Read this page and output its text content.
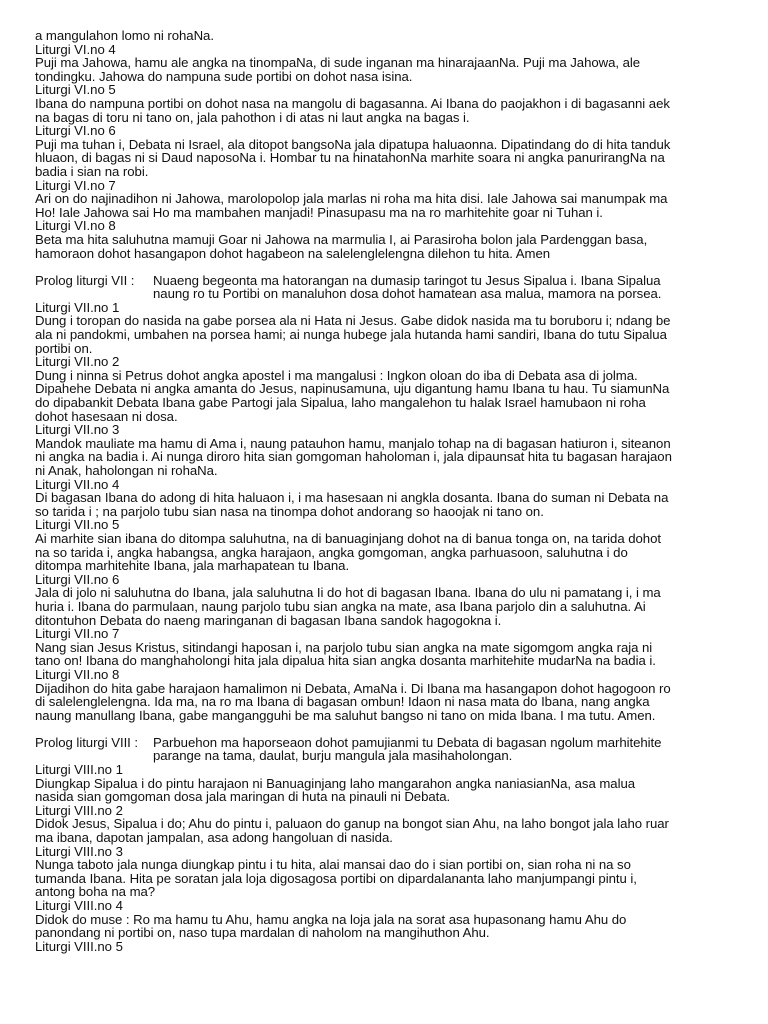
a mangulahon lomo ni rohaNa.
Liturgi VI.no 4
Puji ma Jahowa, hamu ale angka na tinompaNa, di sude inganan ma hinarajaanNa. Puji ma Jahowa, ale
tondingku. Jahowa do nampuna sude portibi on dohot nasa isina.
Liturgi VI.no 5
Ibana do nampuna portibi on dohot nasa na mangolu di bagasanna. Ai Ibana do paojakhon i di bagasanni aek
na bagas di toru ni tano on, jala pahothon i di atas ni laut angka na bagas i.
Liturgi VI.no 6
Puji ma tuhan i, Debata ni Israel, ala ditopot bangsoNa jala dipatupa haluaonna. Dipatindang do di hita tanduk
hluaon, di bagas ni si Daud naposoNa i. Hombar tu na hinatahonNa marhite soara ni angka panurirangNa na
badia i sian na robi.
Liturgi VI.no 7
Ari on do najinadihon ni Jahowa, marolopolop jala marlas ni roha ma hita disi. Iale Jahowa sai manumpak ma
Ho! Iale Jahowa sai Ho ma mambahen manjadi! Pinasupasu ma na ro marhitehite goar ni Tuhan i.
Liturgi VI.no 8
Beta ma hita saluhutna mamuji Goar ni Jahowa na marmulia I, ai Parasiroha bolon jala Pardenggan basa,
hamoraon dohot hasangapon dohot hagabeon na salelenglelengna dilehon tu hita. Amen
Prolog liturgi VII :	Nuaeng begeonta ma hatorangan na dumasip taringot tu Jesus Sipalua i. Ibana Sipalua
naung ro tu Portibi on manaluhon dosa dohot hamatean asa malua, mamora na porsea.
Liturgi VII.no 1
Dung i toropan do nasida na gabe porsea ala ni Hata ni Jesus. Gabe didok nasida ma tu boruboru i; ndang be
ala ni pandokmi, umbahen na porsea hami; ai nunga hubege jala hutanda hami sandiri, Ibana do tutu Sipalua
portibi on.
Liturgi VII.no 2
Dung i ninna si Petrus dohot angka apostel i ma mangalusi : Ingkon oloan do iba di Debata asa di jolma.
Dipahehe Debata ni angka amanta do Jesus, napinusamuna, uju digantung hamu Ibana tu hau. Tu siamunNa
do dipabankit Debata Ibana gabe Partogi jala Sipalua, laho mangalehon tu halak Israel hamubaon ni roha
dohot hasesaan ni dosa.
Liturgi VII.no 3
Mandok mauliate ma hamu di Ama i, naung patauhon hamu, manjalo tohap na di bagasan hatiuron i, siteanon
ni angka na badia i. Ai nunga diroro hita sian gomgoman haholoman i, jala dipaunsat hita tu bagasan harajaon
ni Anak, haholongan ni rohaNa.
Liturgi VII.no 4
Di bagasan Ibana do adong di hita haluaon i, i ma hasesaan ni angkla dosanta. Ibana do suman ni Debata na
so tarida i ; na parjolo tubu sian nasa na tinompa dohot andorang so haoojak ni tano on.
Liturgi VII.no 5
Ai marhite sian ibana do ditompa saluhutna, na di banuaginjang dohot na di banua tonga on, na tarida dohot
na so tarida i, angka habangsa, angka harajaon, angka gomgoman, angka parhuasoon, saluhutna i do
ditompa marhitehite Ibana, jala marhapatean tu Ibana.
Liturgi VII.no 6
Jala di jolo ni saluhutna do Ibana, jala saluhutna Ii do hot di bagasan Ibana. Ibana do ulu ni pamatang i, i ma
huria i. Ibana do parmulaan, naung parjolo tubu sian angka na mate, asa Ibana parjolo din a saluhutna. Ai
ditontuhon Debata do naeng maringanan di bagasan Ibana sandok hagogokna i.
Liturgi VII.no 7
Nang sian Jesus Kristus, sitindangi haposan i, na parjolo tubu sian angka na mate sigomgom angka raja ni
tano on! Ibana do manghaholongi hita jala dipalua hita sian angka dosanta marhitehite mudarNa na badia i.
Liturgi VII.no 8
Dijadihon do hita gabe harajaon hamalimon ni Debata, AmaNa i. Di Ibana ma hasangapon dohot hagogoon ro
di salelenglelengna. Ida ma, na ro ma Ibana di bagasan ombun! Idaon ni nasa mata do Ibana, nang angka
naung manullang Ibana, gabe mangangguhi be ma saluhut bangso ni tano on mida Ibana. I ma tutu. Amen.
Prolog liturgi VIII :	Parbuehon ma haporseaon dohot pamujianmi tu Debata di bagasan ngolum marhitehite
parange na tama, daulat, burju mangula jala masihaholongan.
Liturgi VIII.no 1
Diungkap Sipalua i do pintu harajaon ni Banuaginjang laho mangarahon angka naniasianNa, asa malua
nasida sian gomgoman dosa jala maringan di huta na pinauli ni Debata.
Liturgi VIII.no 2
Didok Jesus, Sipalua i do; Ahu do pintu i, paluaon do ganup na bongot sian Ahu, na laho bongot jala laho ruar
ma ibana, dapotan jampalan, asa adong hangoluan di nasida.
Liturgi VIII.no 3
Nunga taboto jala nunga diungkap pintu i tu hita, alai mansai dao do i sian portibi on, sian roha ni na so
tumanda Ibana. Hita pe soratan jala loja digosagosa portibi on dipardalananta laho manjumpangi pintu i,
antong boha na ma?
Liturgi VIII.no 4
Didok do muse : Ro ma hamu tu Ahu, hamu angka na loja jala na sorat asa hupasonang hamu Ahu do
panondang ni portibi on, naso tupa mardalan di naholom na mangihuthon Ahu.
Liturgi VIII.no 5
